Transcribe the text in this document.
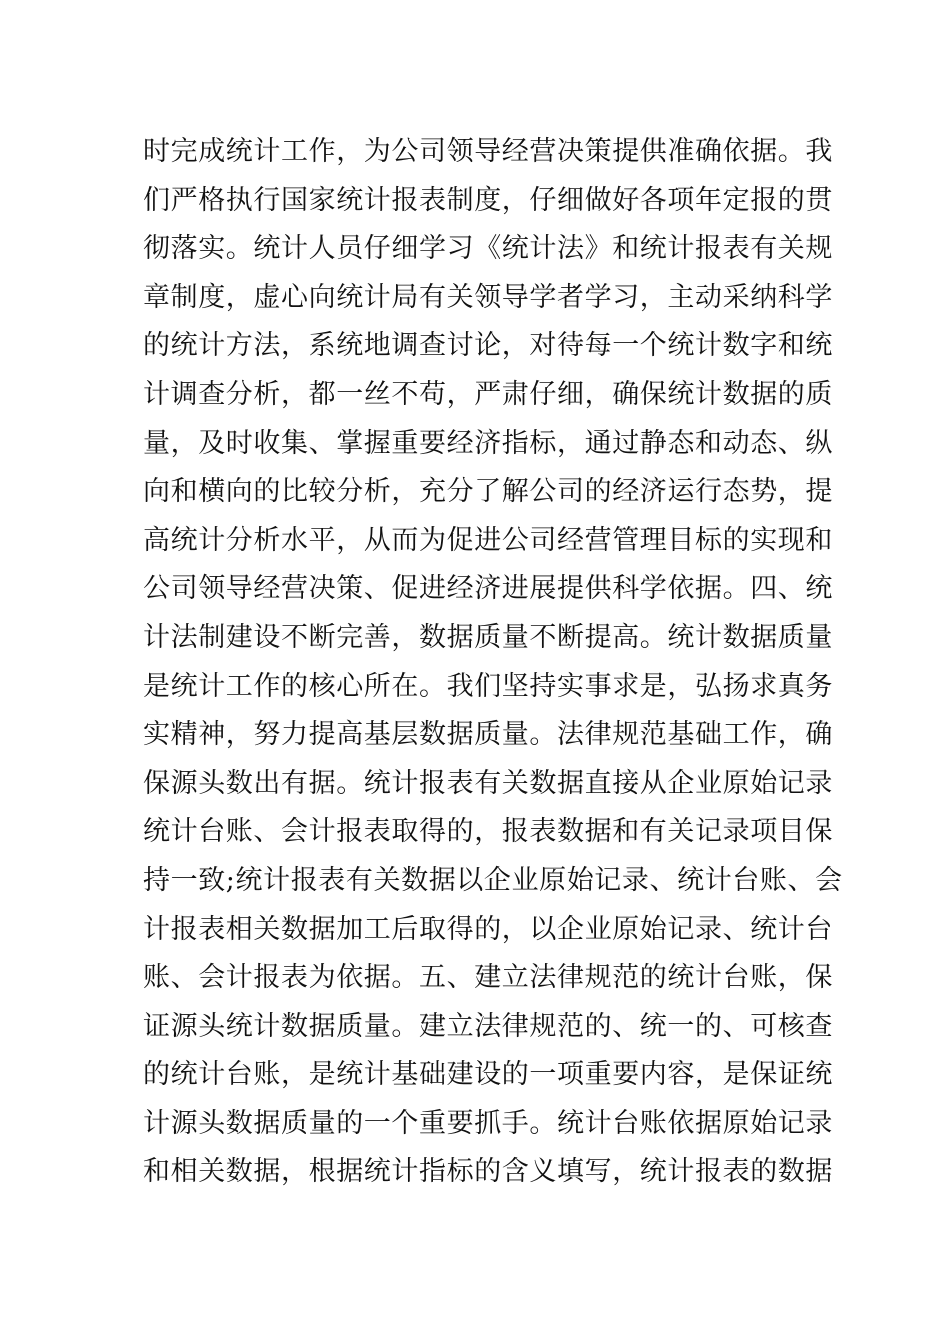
时完成统计工作，为公司领导经营决策提供准确依据。我
们严格执行国家统计报表制度，仔细做好各项年定报的贯
彻落实。统计人员仔细学习《统计法》和统计报表有关规
章制度，虚心向统计局有关领导学者学习，主动采纳科学
的统计方法，系统地调查讨论，对待每一个统计数字和统
计调查分析，都一丝不苟，严肃仔细，确保统计数据的质
量，及时收集、掌握重要经济指标，通过静态和动态、纵
向和横向的比较分析，充分了解公司的经济运行态势，提
高统计分析水平，从而为促进公司经营管理目标的实现和
公司领导经营决策、促进经济进展提供科学依据。四、统
计法制建设不断完善，数据质量不断提高。统计数据质量
是统计工作的核心所在。我们坚持实事求是，弘扬求真务
实精神，努力提高基层数据质量。法律规范基础工作，确
保源头数出有据。统计报表有关数据直接从企业原始记录
统计台账、会计报表取得的，报表数据和有关记录项目保
持一致;统计报表有关数据以企业原始记录、统计台账、会
计报表相关数据加工后取得的，以企业原始记录、统计台
账、会计报表为依据。五、建立法律规范的统计台账，保
证源头统计数据质量。建立法律规范的、统一的、可核查
的统计台账，是统计基础建设的一项重要内容，是保证统
计源头数据质量的一个重要抓手。统计台账依据原始记录
和相关数据，根据统计指标的含义填写，统计报表的数据
